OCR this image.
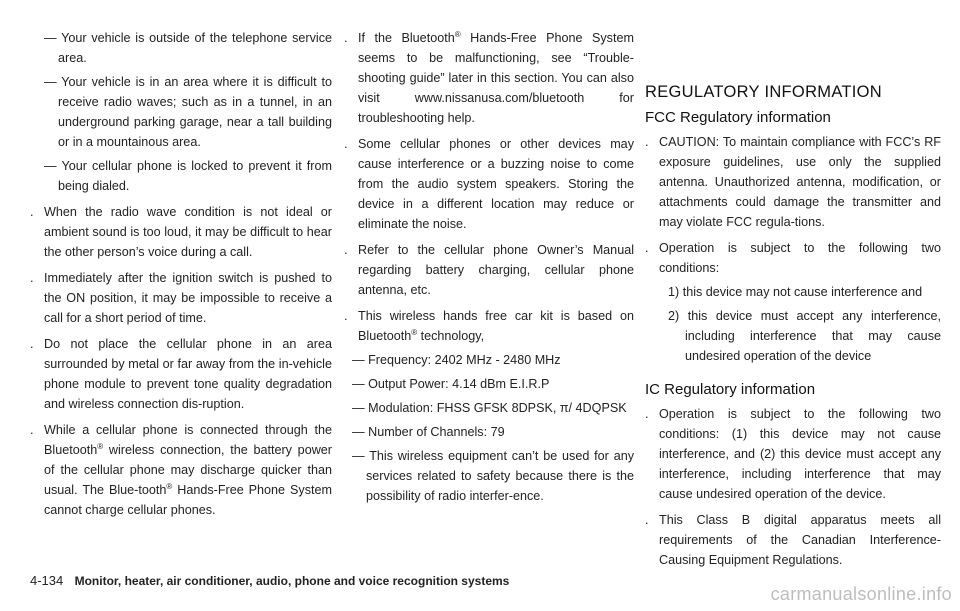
— Your vehicle is outside of the telephone service area.

— Your vehicle is in an area where it is difficult to receive radio waves; such as in a tunnel, in an underground parking garage, near a tall building or in a mountainous area.

— Your cellular phone is locked to prevent it from being dialed.

. When the radio wave condition is not ideal or ambient sound is too loud, it may be difficult to hear the other person’s voice during a call.

. Immediately after the ignition switch is pushed to the ON position, it may be impossible to receive a call for a short period of time.

. Do not place the cellular phone in an area surrounded by metal or far away from the in-vehicle phone module to prevent tone quality degradation and wireless connection dis-ruption.

. While a cellular phone is connected through the Bluetooth® wireless connection, the battery power of the cellular phone may discharge quicker than usual. The Blue-tooth® Hands-Free Phone System cannot charge cellular phones.

. If the Bluetooth® Hands-Free Phone System seems to be malfunctioning, see “Trouble-shooting guide” later in this section. You can also visit www.nissanusa.com/bluetooth for troubleshooting help.

. Some cellular phones or other devices may cause interference or a buzzing noise to come from the audio system speakers. Storing the device in a different location may reduce or eliminate the noise.

. Refer to the cellular phone Owner’s Manual regarding battery charging, cellular phone antenna, etc.

. This wireless hands free car kit is based on Bluetooth® technology,

— Frequency: 2402 MHz - 2480 MHz

— Output Power: 4.14 dBm E.I.R.P

— Modulation: FHSS GFSK 8DPSK, π/ 4DQPSK

— Number of Channels: 79

— This wireless equipment can’t be used for any services related to safety because there is the possibility of radio interfer-ence.

REGULATORY INFORMATION
FCC Regulatory information

. CAUTION: To maintain compliance with FCC’s RF exposure guidelines, use only the supplied antenna. Unauthorized antenna, modification, or attachments could damage the transmitter and may violate FCC regula-tions.

. Operation is subject to the following two conditions:

1) this device may not cause interference and

2) this device must accept any interference, including interference that may cause undesired operation of the device

IC Regulatory information

. Operation is subject to the following two conditions: (1) this device may not cause interference, and (2) this device must accept any interference, including interference that may cause undesired operation of the device.

. This Class B digital apparatus meets all requirements of the Canadian Interference-Causing Equipment Regulations.

4-134 Monitor, heater, air conditioner, audio, phone and voice recognition systems
carmanualsonline.info
